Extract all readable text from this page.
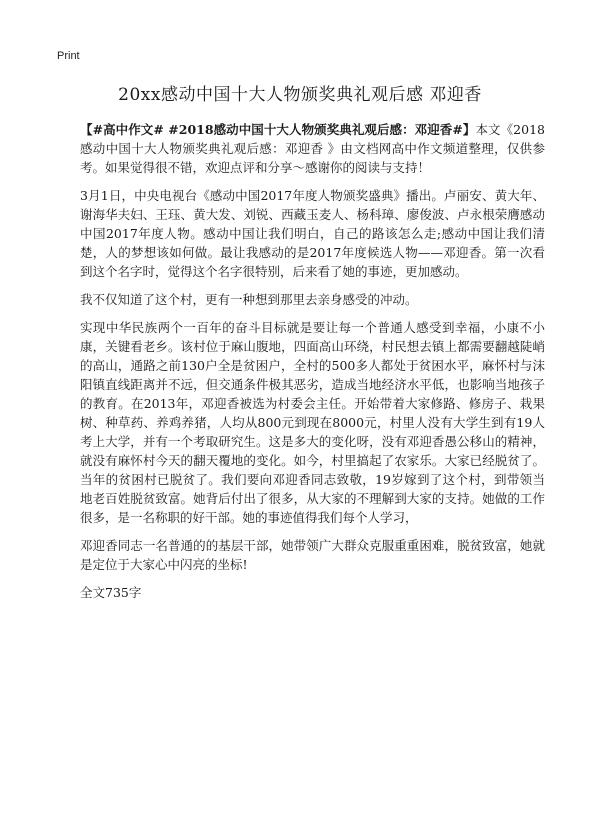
Print
20xx感动中国十大人物颁奖典礼观后感 邓迎香

【#高中作文# #2018感动中国十大人物颁奖典礼观后感：邓迎香#】本文《2018感动中国十大人物颁奖典礼观后感：邓迎香 》由文档网高中作文频道整理，仅供参考。如果觉得很不错，欢迎点评和分享～感谢你的阅读与支持！

3月1日，中央电视台《感动中国2017年度人物颁奖盛典》播出。卢丽安、黄大年、谢海华夫妇、王珏、黄大发、刘锐、西藏玉麦人、杨科璋、廖俊波、卢永根荣膺感动中国2017年度人物。感动中国让我们明白，自己的路该怎么走;感动中国让我们清楚，人的梦想该如何做。最让我感动的是2017年度候选人物——邓迎香。第一次看到这个名字时，觉得这个名字很特别，后来看了她的事迹，更加感动。

我不仅知道了这个村，更有一种想到那里去亲身感受的冲动。

实现中华民族两个一百年的奋斗目标就是要让每一个普通人感受到幸福，小康不小康，关键看老乡。该村位于麻山腹地，四面高山环绕，村民想去镇上都需要翻越陡峭的高山，通路之前130户全是贫困户，全村的500多人都处于贫困水平，麻怀村与沫阳镇直线距离并不远，但交通条件极其恶劣，造成当地经济水平低，也影响当地孩子的教育。在2013年，邓迎香被选为村委会主任。开始带着大家修路、修房子、栽果树、种草药、养鸡养猪，人均从800元到现在8000元，村里人没有大学生到有19人考上大学，并有一个考取研究生。这是多大的变化呀，没有邓迎香愚公移山的精神，就没有麻怀村今天的翻天覆地的变化。如今，村里搞起了农家乐。大家已经脱贫了。当年的贫困村已脱贫了。我们要向邓迎香同志致敬，19岁嫁到了这个村，到带领当地老百姓脱贫致富。她背后付出了很多，从大家的不理解到大家的支持。她做的工作很多，是一名称职的好干部。她的事迹值得我们每个人学习，

邓迎香同志一名普通的的基层干部，她带领广大群众克服重重困难，脱贫致富，她就是定位于大家心中闪亮的坐标!

全文735字
